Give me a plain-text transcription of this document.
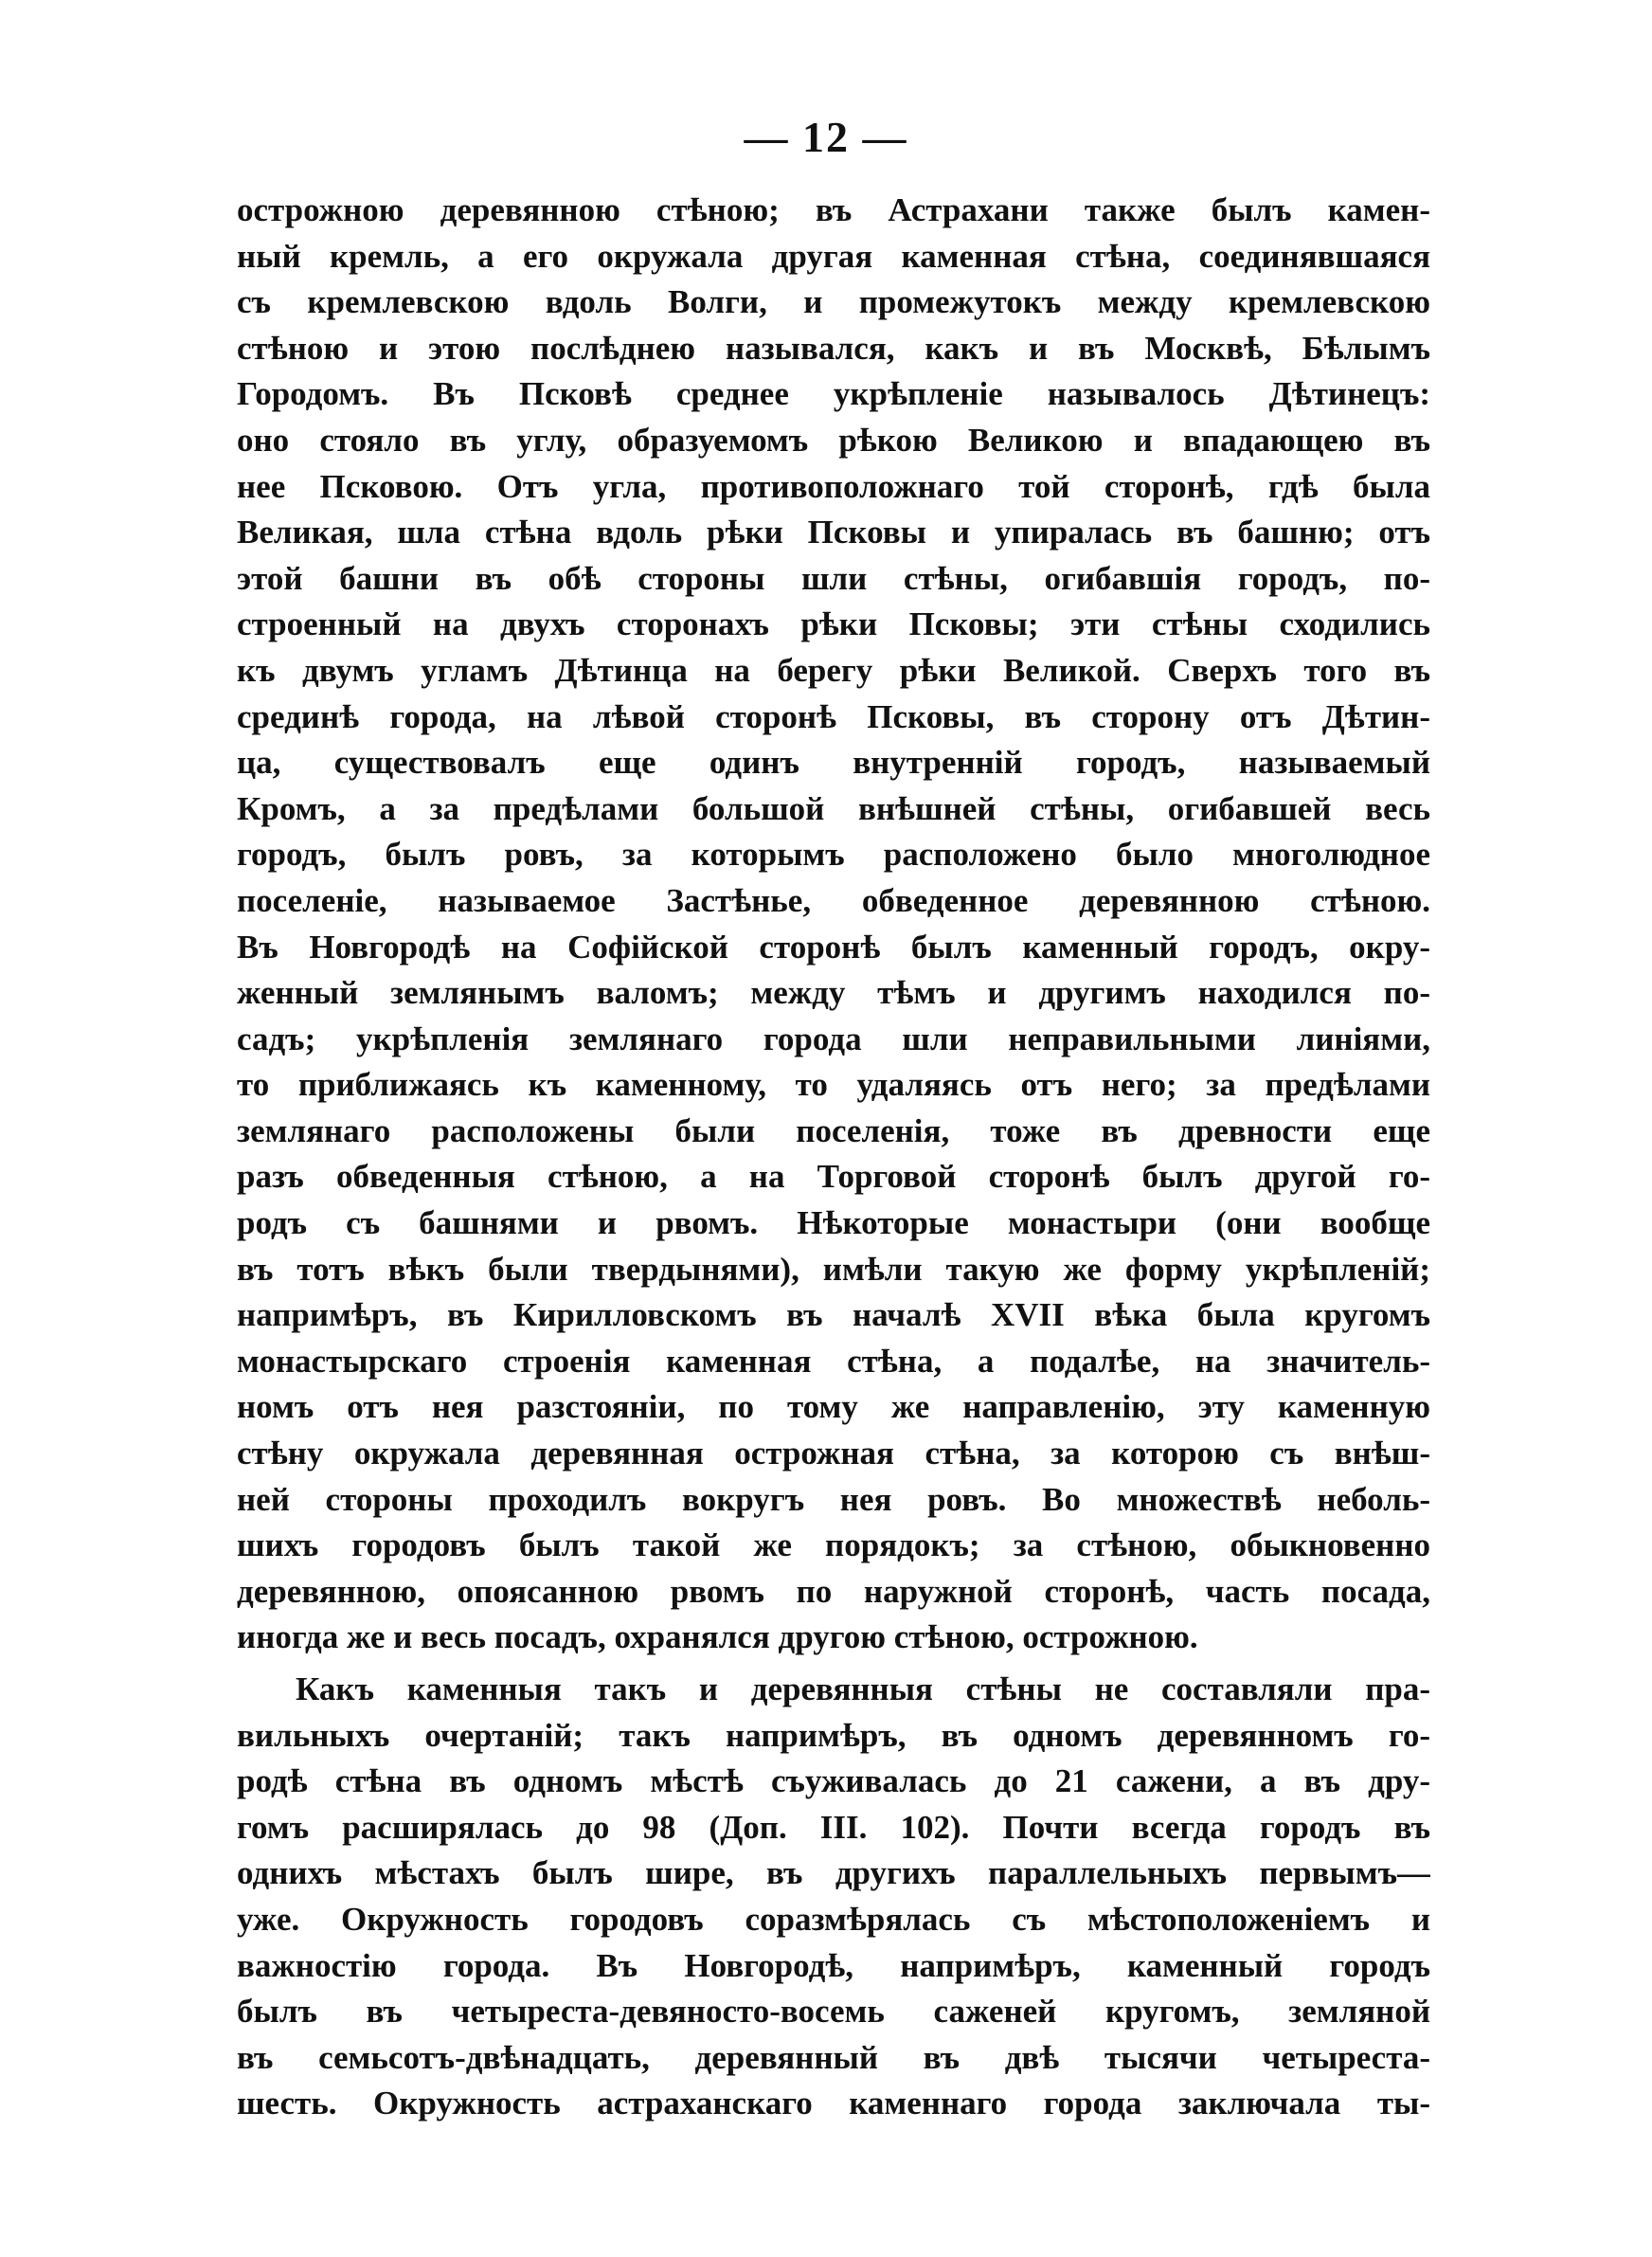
— 12 —
острожною деревянною стѣною; въ Астрахани также былъ камен-
ный кремль, а его окружала другая каменная стѣна, соединявшаяся
съ кремлевскою вдоль Волги, и промежутокъ между кремлевскою
стѣною и этою послѣднею назывался, какъ и въ Москвѣ, Бѣлымъ
Городомъ. Въ Псковѣ среднее укрѣпленіе называлось Дѣтинецъ:
оно стояло въ углу, образуемомъ рѣкою Великою и впадающею въ
нее Псковою. Отъ угла, противоположнаго той сторонѣ, гдѣ была
Великая, шла стѣна вдоль рѣки Псковы и упиралась въ башню; отъ
этой башни въ обѣ стороны шли стѣны, огибавшія городъ, по-
строенный на двухъ сторонахъ рѣки Псковы; эти стѣны сходились
къ двумъ угламъ Дѣтинца на берегу рѣки Великой. Сверхъ того въ
срединѣ города, на лѣвой сторонѣ Псковы, въ сторону отъ Дѣтин-
ца, существовалъ еще одинъ внутренній городъ, называемый
Кромъ, а за предѣлами большой внѣшней стѣны, огибавшей весь
городъ, былъ ровъ, за которымъ расположено было многолюдное
поселеніе, называемое Застѣнье, обведенное деревянною стѣною.
Въ Новгородѣ на Софійской сторонѣ былъ каменный городъ, окру-
женный землянымъ валомъ; между тѣмъ и другимъ находился по-
садъ; укрѣпленія землянаго города шли неправильными линіями,
то приближаясь къ каменному, то удаляясь отъ него; за предѣлами
землянаго расположены были поселенія, тоже въ древности еще
разъ обведенныя стѣною, а на Торговой сторонѣ былъ другой го-
родъ съ башнями и рвомъ. Нѣкоторые монастыри (они вообще
въ тотъ вѣкъ были твердынями), имѣли такую же форму укрѣпленій;
напримѣръ, въ Кирилловскомъ въ началѣ XVII вѣка была кругомъ
монастырскаго строенія каменная стѣна, а подалѣе, на значитель-
номъ отъ нея разстояніи, по тому же направленію, эту каменную
стѣну окружала деревянная острожная стѣна, за которою съ внѣш-
ней стороны проходилъ вокругъ нея ровъ. Во множествѣ неболь-
шихъ городовъ былъ такой же порядокъ; за стѣною, обыкновенно
деревянною, опоясанною рвомъ по наружной сторонѣ, часть посада,
иногда же и весь посадъ, охранялся другою стѣною, острожною.
Какъ каменныя такъ и деревянныя стѣны не составляли пра-
вильныхъ очертаній; такъ напримѣръ, въ одномъ деревянномъ го-
родѣ стѣна въ одномъ мѣстѣ съуживалась до 21 сажени, а въ дру-
гомъ расширялась до 98 (Доп. III. 102). Почти всегда городъ въ
однихъ мѣстахъ былъ шире, въ другихъ параллельныхъ первымъ—
уже. Окружность городовъ соразмѣрялась съ мѣстоположеніемъ и
важностію города. Въ Новгородѣ, напримѣръ, каменный городъ
былъ въ четыреста-девяносто-восемь саженей кругомъ, земляной
въ семьсотъ-двѣнадцать, деревянный въ двѣ тысячи четыреста-
шесть. Окружность астраханскаго каменнаго города заключала ты-
